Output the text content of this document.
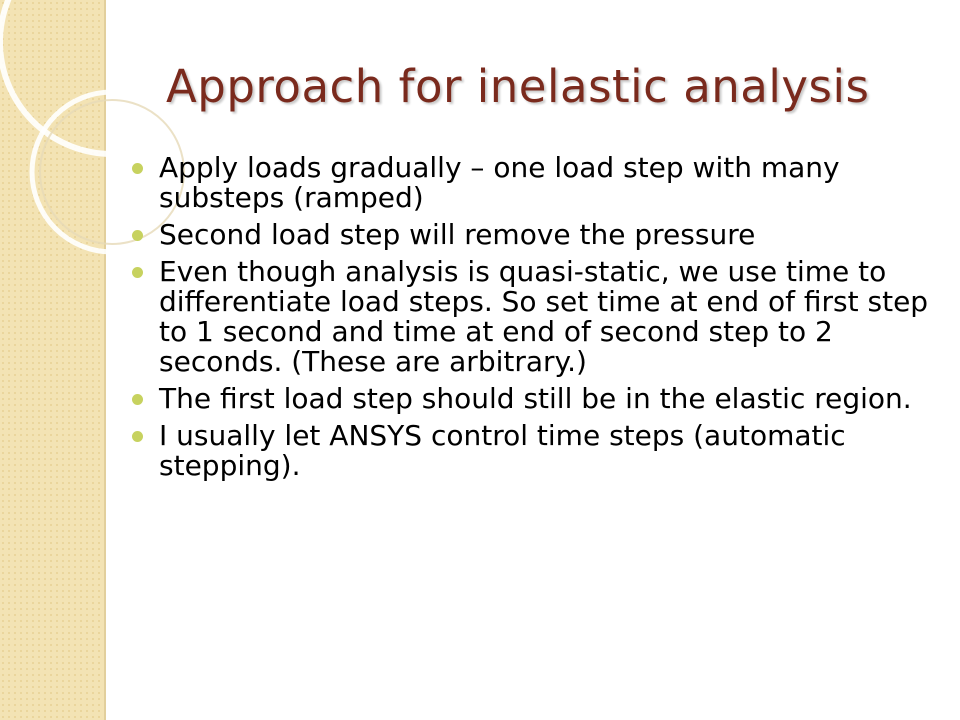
Approach for inelastic analysis
Apply loads gradually – one load step with many substeps (ramped)
Second load step will remove the pressure
Even though analysis is quasi-static, we use time to differentiate load steps. So set time at end of first step to 1 second and time at end of second step to 2 seconds. (These are arbitrary.)
The first load step should still be in the elastic region.
I usually let ANSYS control time steps (automatic stepping).
